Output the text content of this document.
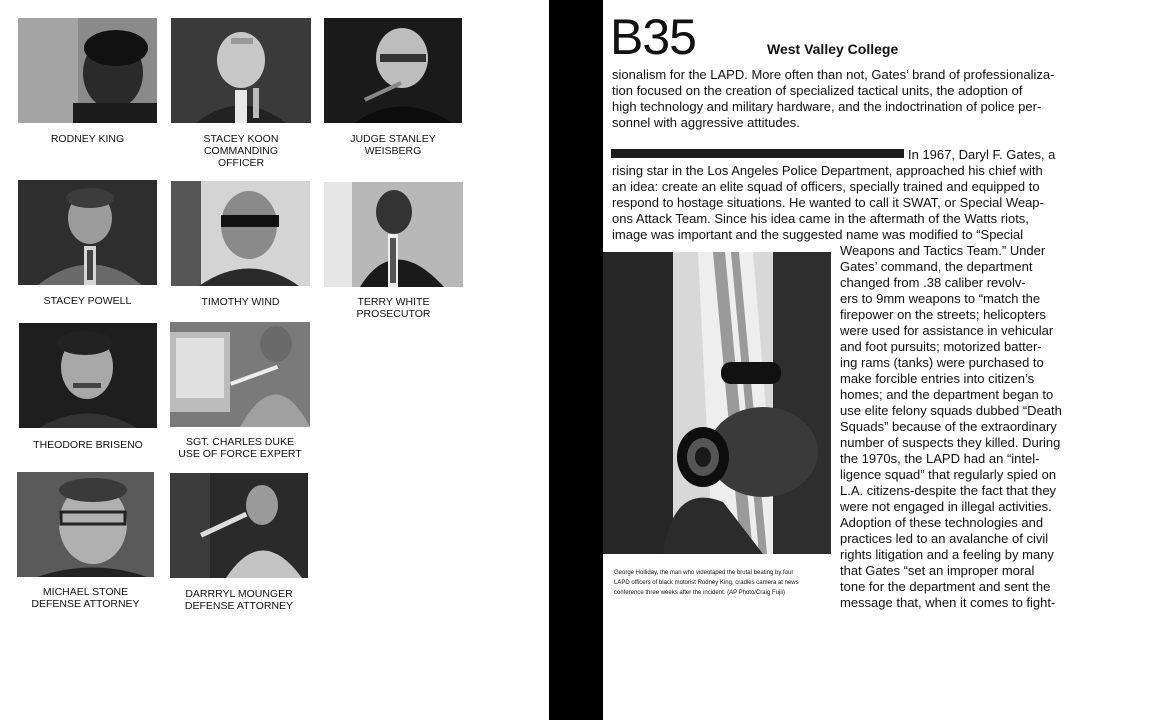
RODNEY KING	STACEY KOON
COMMANDING
OFFICER
JUDGE STANLEY
WEISBERG
STACEY POWELL	TIMOTHY WIND	TERRY WHITE
PROSECUTOR
THEODORE BRISENO	SGT. CHARLES DUKE
USE OF FORCE EXPERT
MICHAEL STONE
DEFENSE ATTORNEY
DARRRYL MOUNGER
DEFENSE ATTORNEY
B35	West Valley College
sionalism for the LAPD. More often than not, Gates’ brand of professionaliza-
tion focused on the creation of specialized tactical units, the adoption of
high technology and military hardware, and the indoctrination of police per-
sonnel with aggressive attitudes.
In 1967, Daryl F. Gates, a
rising star in the Los Angeles Police Department, approached his chief with
an idea: create an elite squad of officers, specially trained and equipped to
respond to hostage situations. He wanted to call it SWAT, or Special Weap-
ons Attack Team. Since his idea came in the aftermath of the Watts riots,
image was important and the suggested name was modified to “Special
Weapons and Tactics Team.” Under
Gates’ command, the department
changed from .38 caliber revolv-
ers to 9mm weapons to “match the
firepower on the streets; helicopters
were used for assistance in vehicular
and foot pursuits; motorized batter-
ing rams (tanks) were purchased to
make forcible entries into citizen’s
homes; and the department began to
use elite felony squads dubbed “Death
Squads” because of the extraordinary
number of suspects they killed. During
the 1970s, the LAPD had an “intel-
ligence squad” that regularly spied on
L.A. citizens-despite the fact that they
were not engaged in illegal activities.
Adoption of these technologies and
practices led to an avalanche of civil
rights litigation and a feeling by many
that Gates “set an improper moral
tone for the department and sent the
message that, when it comes to fight-
George Holliday, the man who videotaped the brutal beating by four
LAPD officers of black motorist Rodney King, cradles camera at news
conference three weeks after the incident. (AP Photo/Craig Fujii)
